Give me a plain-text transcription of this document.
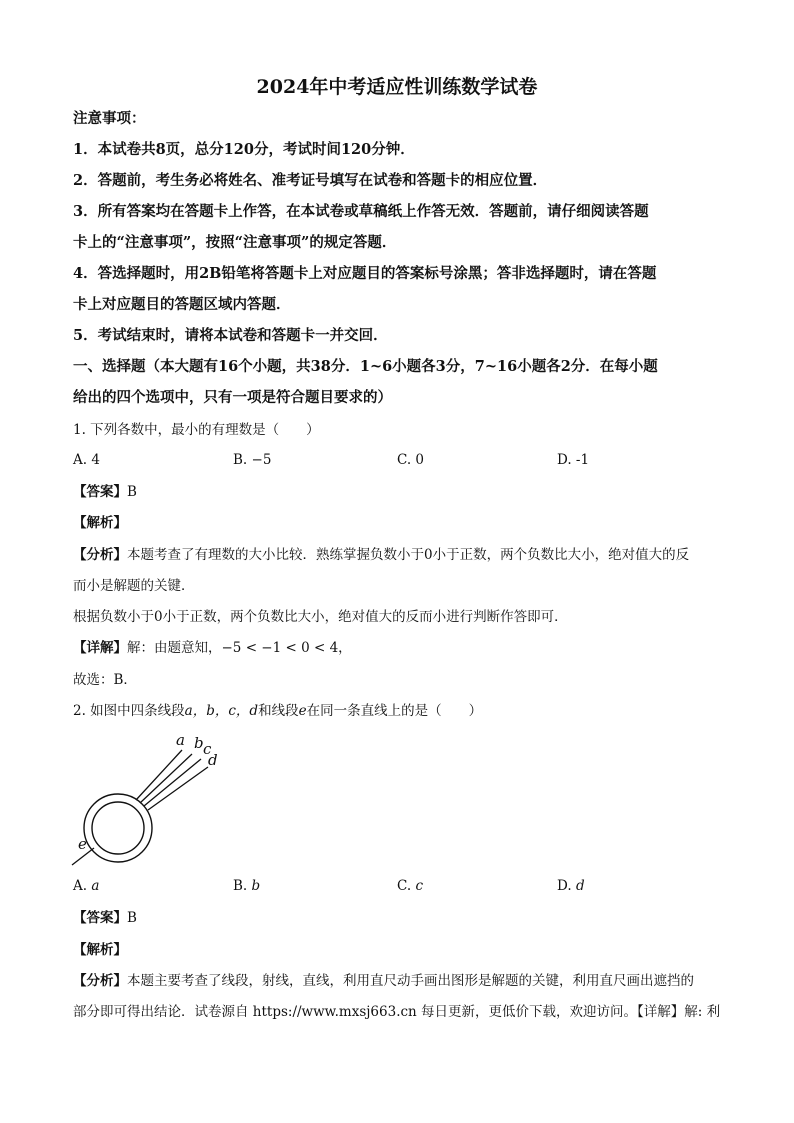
2024年中考适应性训练数学试卷
注意事项：
1．本试卷共8页，总分120分，考试时间120分钟．
2．答题前，考生务必将姓名、准考证号填写在试卷和答题卡的相应位置．
3．所有答案均在答题卡上作答，在本试卷或草稿纸上作答无效．答题前，请仔细阅读答题
卡上的“注意事项”，按照“注意事项”的规定答题．
4．答选择题时，用2B铅笔将答题卡上对应题目的答案标号涂黑；答非选择题时，请在答题
卡上对应题目的答题区域内答题．
5．考试结束时，请将本试卷和答题卡一并交回．
一、选择题（本大题有16个小题，共38分．1~6小题各3分，7~16小题各2分．在每小题
给出的四个选项中，只有一项是符合题目要求的）
1. 下列各数中，最小的有理数是（　　）
A. 4	B. −5	C. 0	D. -1
【答案】B
【解析】
【分析】本题考查了有理数的大小比较．熟练掌握负数小于0小于正数，两个负数比大小，绝对值大的反
而小是解题的关键．
根据负数小于0小于正数，两个负数比大小，绝对值大的反而小进行判断作答即可．
【详解】解：由题意知，−5 < −1 < 0 < 4，
故选：B．
2. 如图中四条线段a，b，c，d和线段e在同一条直线上的是（　　）
a b c
d
e
A. a	B. b	C. c	D. d
【答案】B
【解析】
【分析】本题主要考查了线段，射线，直线，利用直尺动手画出图形是解题的关键，利用直尺画出遮挡的
部分即可得出结论．试卷源自 https://www.mxsj663.cn 每日更新，更低价下载，欢迎访问。【详解】解: 利
